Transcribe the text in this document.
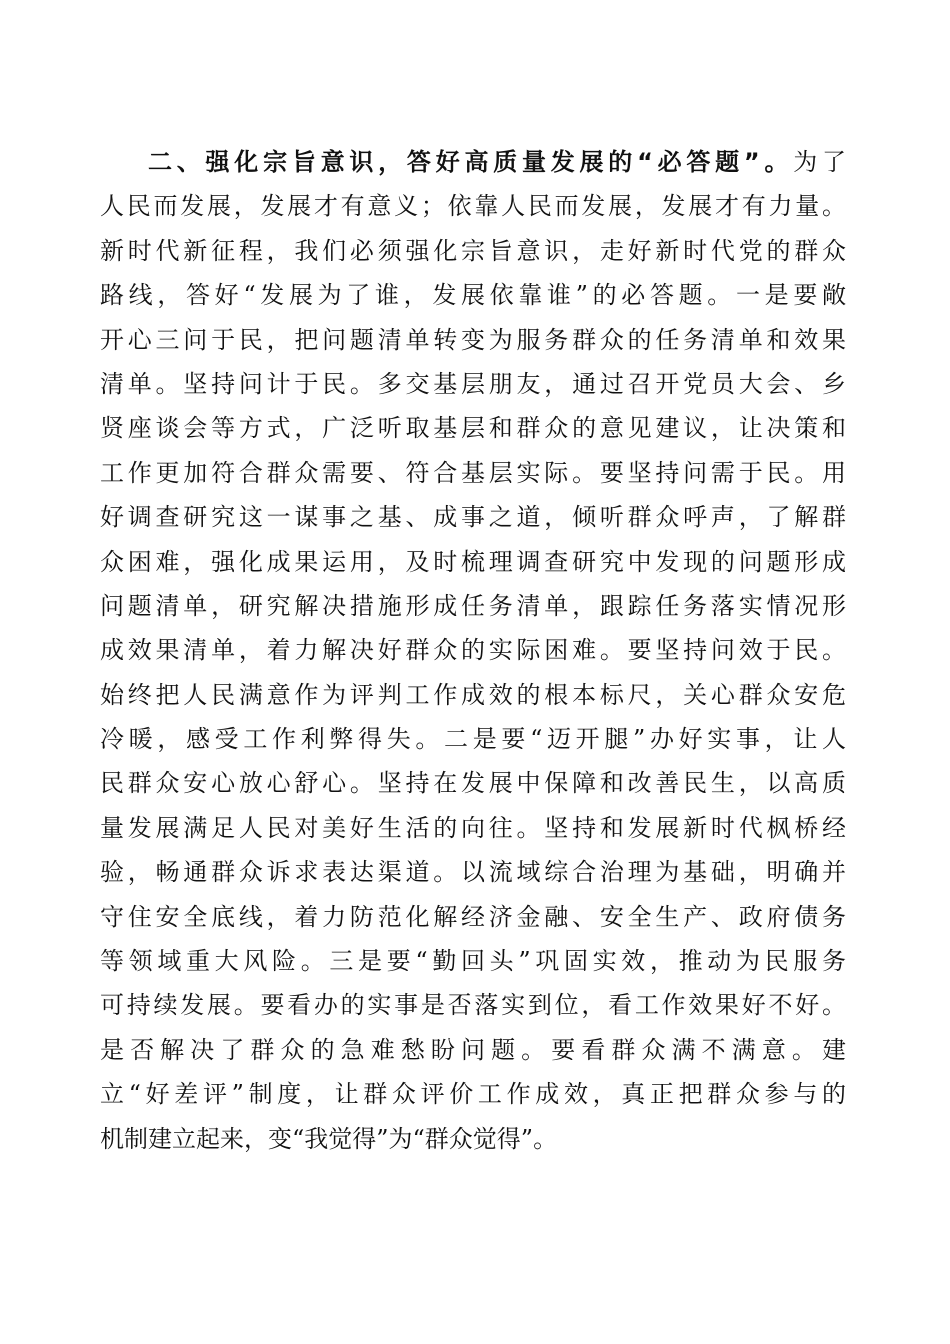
二、强化宗旨意识，答好高质量发展的“必答题”。为了
人民而发展，发展才有意义；依靠人民而发展，发展才有力量。
新时代新征程，我们必须强化宗旨意识，走好新时代党的群众
路线，答好“发展为了谁，发展依靠谁”的必答题。一是要敞
开心三问于民，把问题清单转变为服务群众的任务清单和效果
清单。坚持问计于民。多交基层朋友，通过召开党员大会、乡
贤座谈会等方式，广泛听取基层和群众的意见建议，让决策和
工作更加符合群众需要、符合基层实际。要坚持问需于民。用
好调查研究这一谋事之基、成事之道，倾听群众呼声，了解群
众困难，强化成果运用，及时梳理调查研究中发现的问题形成
问题清单，研究解决措施形成任务清单，跟踪任务落实情况形
成效果清单，着力解决好群众的实际困难。要坚持问效于民。
始终把人民满意作为评判工作成效的根本标尺，关心群众安危
冷暖，感受工作利弊得失。二是要“迈开腿”办好实事，让人
民群众安心放心舒心。坚持在发展中保障和改善民生，以高质
量发展满足人民对美好生活的向往。坚持和发展新时代枫桥经
验，畅通群众诉求表达渠道。以流域综合治理为基础，明确并
守住安全底线，着力防范化解经济金融、安全生产、政府债务
等领域重大风险。三是要“勤回头”巩固实效，推动为民服务
可持续发展。要看办的实事是否落实到位，看工作效果好不好。
是否解决了群众的急难愁盼问题。要看群众满不满意。建
立“好差评”制度，让群众评价工作成效，真正把群众参与的
机制建立起来，变“我觉得”为“群众觉得”。
